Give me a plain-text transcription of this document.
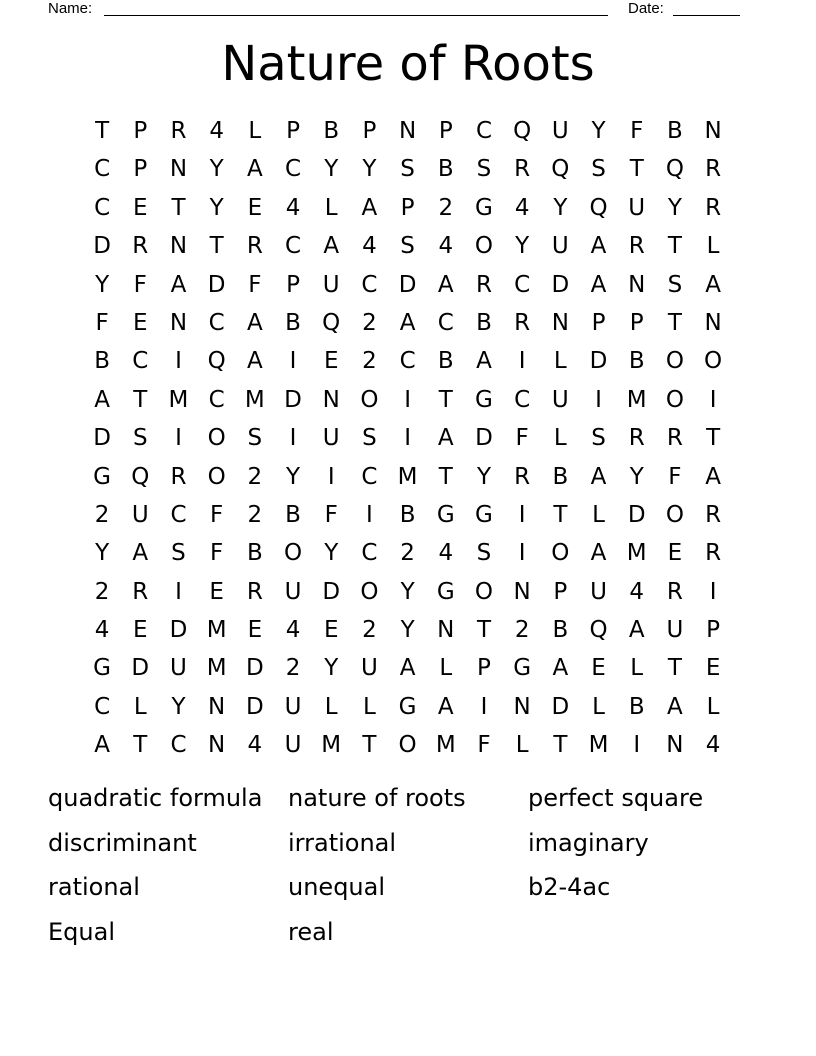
Name:	Date:
Nature of Roots
T	P	R 4	L	P	B	P N P	C Q U Y	F	B N
C	P N Y	A C	Y	Y	S	B S R Q S	T Q R
C E	T	Y	E	4	L	A	P	2 G 4	Y Q U Y	R
D R N T	R C A	4	S	4 O Y U A R	T	L
Y	F	A D F	P U C D A R C D A N S	A
F	E N C A B Q 2	A C B R N P	P	T N
B C	I	Q A	I	E	2 C B A	I	L D B O O
A	T M C M D N O	I	T G C U	I	M O	I
D S	I	O S	I	U S	I	A D F	L	S R R	T
G Q R O 2	Y	I	C M T	Y	R B A	Y	F	A
2 U C	F	2 B	F	I	B G G	I	T	L D O R
Y	A	S	F	B O Y	C 2	4	S	I	O A M E R
2 R	I	E R U D O Y G O N P U 4 R	I
4	E D M E	4	E	2	Y N T	2 B Q A U P
G D U M D 2	Y U A	L	P G A	E	L	T	E
C	L	Y N D U	L	L G A	I	N D L	B A	L
A	T	C N 4 U M T O M F	L	T M	I	N 4
quadratic formula	nature of roots	perfect square
discriminant	irrational	imaginary
rational	unequal	b2-4ac
Equal	real
